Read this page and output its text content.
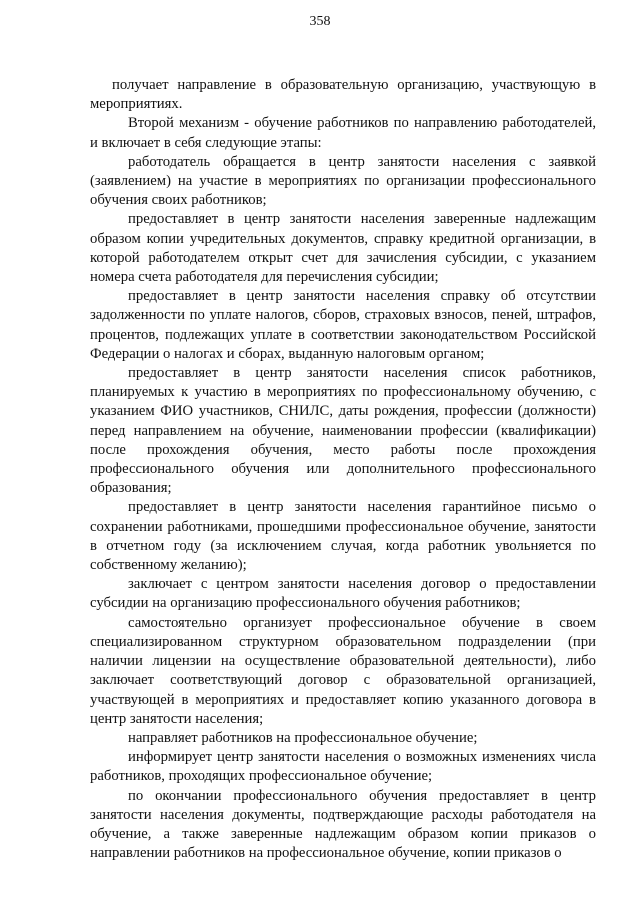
358

получает направление в образовательную организацию, участвующую в мероприятиях.

Второй механизм - обучение работников по направлению работодателей, и включает в себя следующие этапы:

работодатель обращается в центр занятости населения с заявкой (заявлением) на участие в мероприятиях по организации профессионального обучения своих работников;

предоставляет в центр занятости населения заверенные надлежащим образом копии учредительных документов, справку кредитной организации, в которой работодателем открыт счет для зачисления субсидии, с указанием номера счета работодателя для перечисления субсидии;

предоставляет в центр занятости населения справку об отсутствии задолженности по уплате налогов, сборов, страховых взносов, пеней, штрафов, процентов, подлежащих уплате в соответствии законодательством Российской Федерации о налогах и сборах, выданную налоговым органом;

предоставляет в центр занятости населения список работников, планируемых к участию в мероприятиях по профессиональному обучению, с указанием ФИО участников, СНИЛС, даты рождения, профессии (должности) перед направлением на обучение, наименовании профессии (квалификации) после прохождения обучения, место работы после прохождения профессионального обучения или дополнительного профессионального образования;

предоставляет в центр занятости населения гарантийное письмо о сохранении работниками, прошедшими профессиональное обучение, занятости в отчетном году (за исключением случая, когда работник увольняется по собственному желанию);

заключает с центром занятости населения договор о предоставлении субсидии на организацию профессионального обучения работников;

самостоятельно организует профессиональное обучение в своем специализированном структурном образовательном подразделении (при наличии лицензии на осуществление образовательной деятельности), либо заключает соответствующий договор с образовательной организацией, участвующей в мероприятиях и предоставляет копию указанного договора в центр занятости населения;

направляет работников на профессиональное обучение;

информирует центр занятости населения о возможных изменениях числа работников, проходящих профессиональное обучение;

по окончании профессионального обучения предоставляет в центр занятости населения документы, подтверждающие расходы работодателя на обучение, а также заверенные надлежащим образом копии приказов о направлении работников на профессиональное обучение, копии приказов о
